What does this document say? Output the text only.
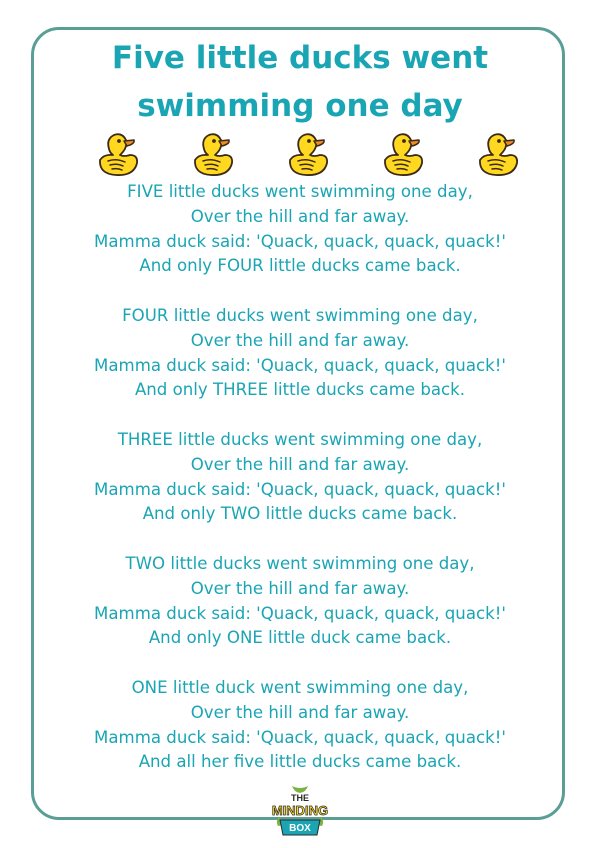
Five little ducks went
swimming one day

FIVE little ducks went swimming one day,
Over the hill and far away.
Mamma duck said: 'Quack, quack, quack, quack!'
And only FOUR little ducks came back.

FOUR little ducks went swimming one day,
Over the hill and far away.
Mamma duck said: 'Quack, quack, quack, quack!'
And only THREE little ducks came back.

THREE little ducks went swimming one day,
Over the hill and far away.
Mamma duck said: 'Quack, quack, quack, quack!'
And only TWO little ducks came back.

TWO little ducks went swimming one day,
Over the hill and far away.
Mamma duck said: 'Quack, quack, quack, quack!'
And only ONE little duck came back.

ONE little duck went swimming one day,
Over the hill and far away.
Mamma duck said: 'Quack, quack, quack, quack!'
And all her five little ducks came back.

THE
MINDING
BOX
